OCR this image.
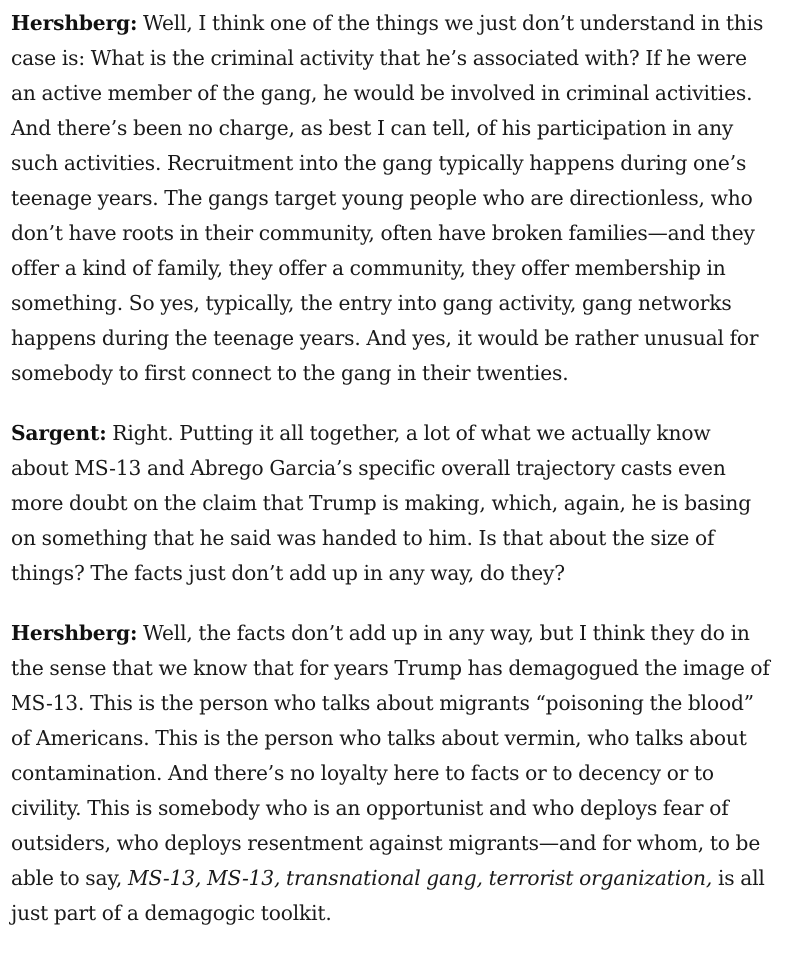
Hershberg: Well, I think one of the things we just don’t understand in this case is: What is the criminal activity that he’s associated with? If he were an active member of the gang, he would be involved in criminal activities. And there’s been no charge, as best I can tell, of his participation in any such activities. Recruitment into the gang typically happens during one’s teenage years. The gangs target young people who are directionless, who don’t have roots in their community, often have broken families—and they offer a kind of family, they offer a community, they offer membership in something. So yes, typically, the entry into gang activity, gang networks happens during the teenage years. And yes, it would be rather unusual for somebody to first connect to the gang in their twenties.

Sargent: Right. Putting it all together, a lot of what we actually know about MS-13 and Abrego Garcia’s specific overall trajectory casts even more doubt on the claim that Trump is making, which, again, he is basing on something that he said was handed to him. Is that about the size of things? The facts just don’t add up in any way, do they?

Hershberg: Well, the facts don’t add up in any way, but I think they do in the sense that we know that for years Trump has demagogued the image of MS-13. This is the person who talks about migrants “poisoning the blood” of Americans. This is the person who talks about vermin, who talks about contamination. And there’s no loyalty here to facts or to decency or to civility. This is somebody who is an opportunist and who deploys fear of outsiders, who deploys resentment against migrants—and for whom, to be able to say, MS-13, MS-13, transnational gang, terrorist organization, is all just part of a demagogic toolkit.
